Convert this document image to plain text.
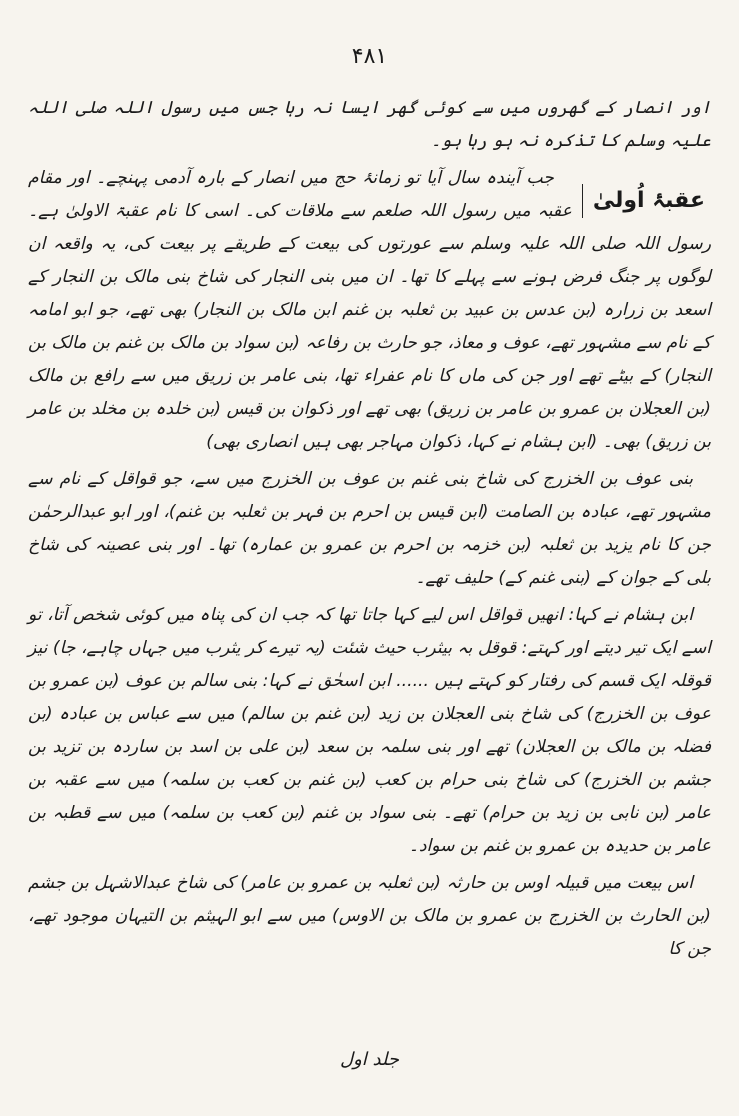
۴۸۱

اور انصار کے گھروں میں سے کوئی گھر ایسا نہ رہا جس میں رسول اللہ صلی اللہ علیہ وسلم کا تذکرہ نہ ہو رہا ہو۔

عقبۂ اُولیٰ

جب آیندہ سال آیا تو زمانۂ حج میں انصار کے بارہ آدمی پہنچے۔ اور مقام عقبہ میں رسول اللہ صلعم سے ملاقات کی۔ اسی کا نام عقبۃ الاولیٰ ہے۔ رسول اللہ صلی اللہ علیہ وسلم سے عورتوں کی بیعت کے طریقے پر بیعت کی، یہ واقعہ ان لوگوں پر جنگ فرض ہونے سے پہلے کا تھا۔ ان میں بنی النجار کی شاخ بنی مالک بن النجار کے اسعد بن زرارہ (بن عدس بن عبید بن ثعلبہ بن غنم ابن مالک بن النجار) بھی تھے، جو ابو امامہ کے نام سے مشہور تھے، عوف و معاذ، جو حارث بن رفاعہ (بن سواد بن مالک بن غنم بن مالک بن النجار) کے بیٹے تھے اور جن کی ماں کا نام عفراء تھا، بنی عامر بن زریق میں سے رافع بن مالک (بن العجلان بن عمرو بن عامر بن زریق) بھی تھے اور ذکوان بن قیس (بن خلدہ بن مخلد بن عامر بن زریق) بھی۔ (ابن ہشام نے کہا، ذکوان مہاجر بھی ہیں انصاری بھی)

بنی عوف بن الخزرج کی شاخ بنی غنم بن عوف بن الخزرج میں سے، جو قواقل کے نام سے مشہور تھے، عبادہ بن الصامت (ابن قیس بن احرم بن فہر بن ثعلبہ بن غنم)، اور ابو عبدالرحمٰن جن کا نام یزید بن ثعلبہ (بن خزمہ بن احرم بن عمرو بن عمارہ) تھا۔ اور بنی عصینہ کی شاخ بلی کے جوان کے (بنی غنم کے) حلیف تھے۔

ابن ہشام نے کہا: انھیں قواقل اس لیے کہا جاتا تھا کہ جب ان کی پناہ میں کوئی شخص آتا، تو اسے ایک تیر دیتے اور کہتے: قوقل بہ بیثرب حیث شئت (یہ تیرے کر یثرب میں جہاں چاہے، جا) نیز قوقلہ ایک قسم کی رفتار کو کہتے ہیں ...... ابن اسحٰق نے کہا: بنی سالم بن عوف (بن عمرو بن عوف بن الخزرج) کی شاخ بنی العجلان بن زید (بن غنم بن سالم) میں سے عباس بن عبادہ (بن فضلہ بن مالک بن العجلان) تھے اور بنی سلمہ بن سعد (بن علی بن اسد بن ساردہ بن تزید بن جشم بن الخزرج) کی شاخ بنی حرام بن کعب (بن غنم بن کعب بن سلمہ) میں سے عقبہ بن عامر (بن نابی بن زید بن حرام) تھے۔ بنی سواد بن غنم (بن کعب بن سلمہ) میں سے قطبہ بن عامر بن حدیدہ بن عمرو بن غنم بن سواد۔

اس بیعت میں قبیلہ اوس بن حارثہ (بن ثعلبہ بن عمرو بن عامر) کی شاخ عبدالاشہل بن جشم (بن الحارث بن الخزرج بن عمرو بن مالک بن الاوس) میں سے ابو الہیثم بن التیہان موجود تھے، جن کا

جلد اول
